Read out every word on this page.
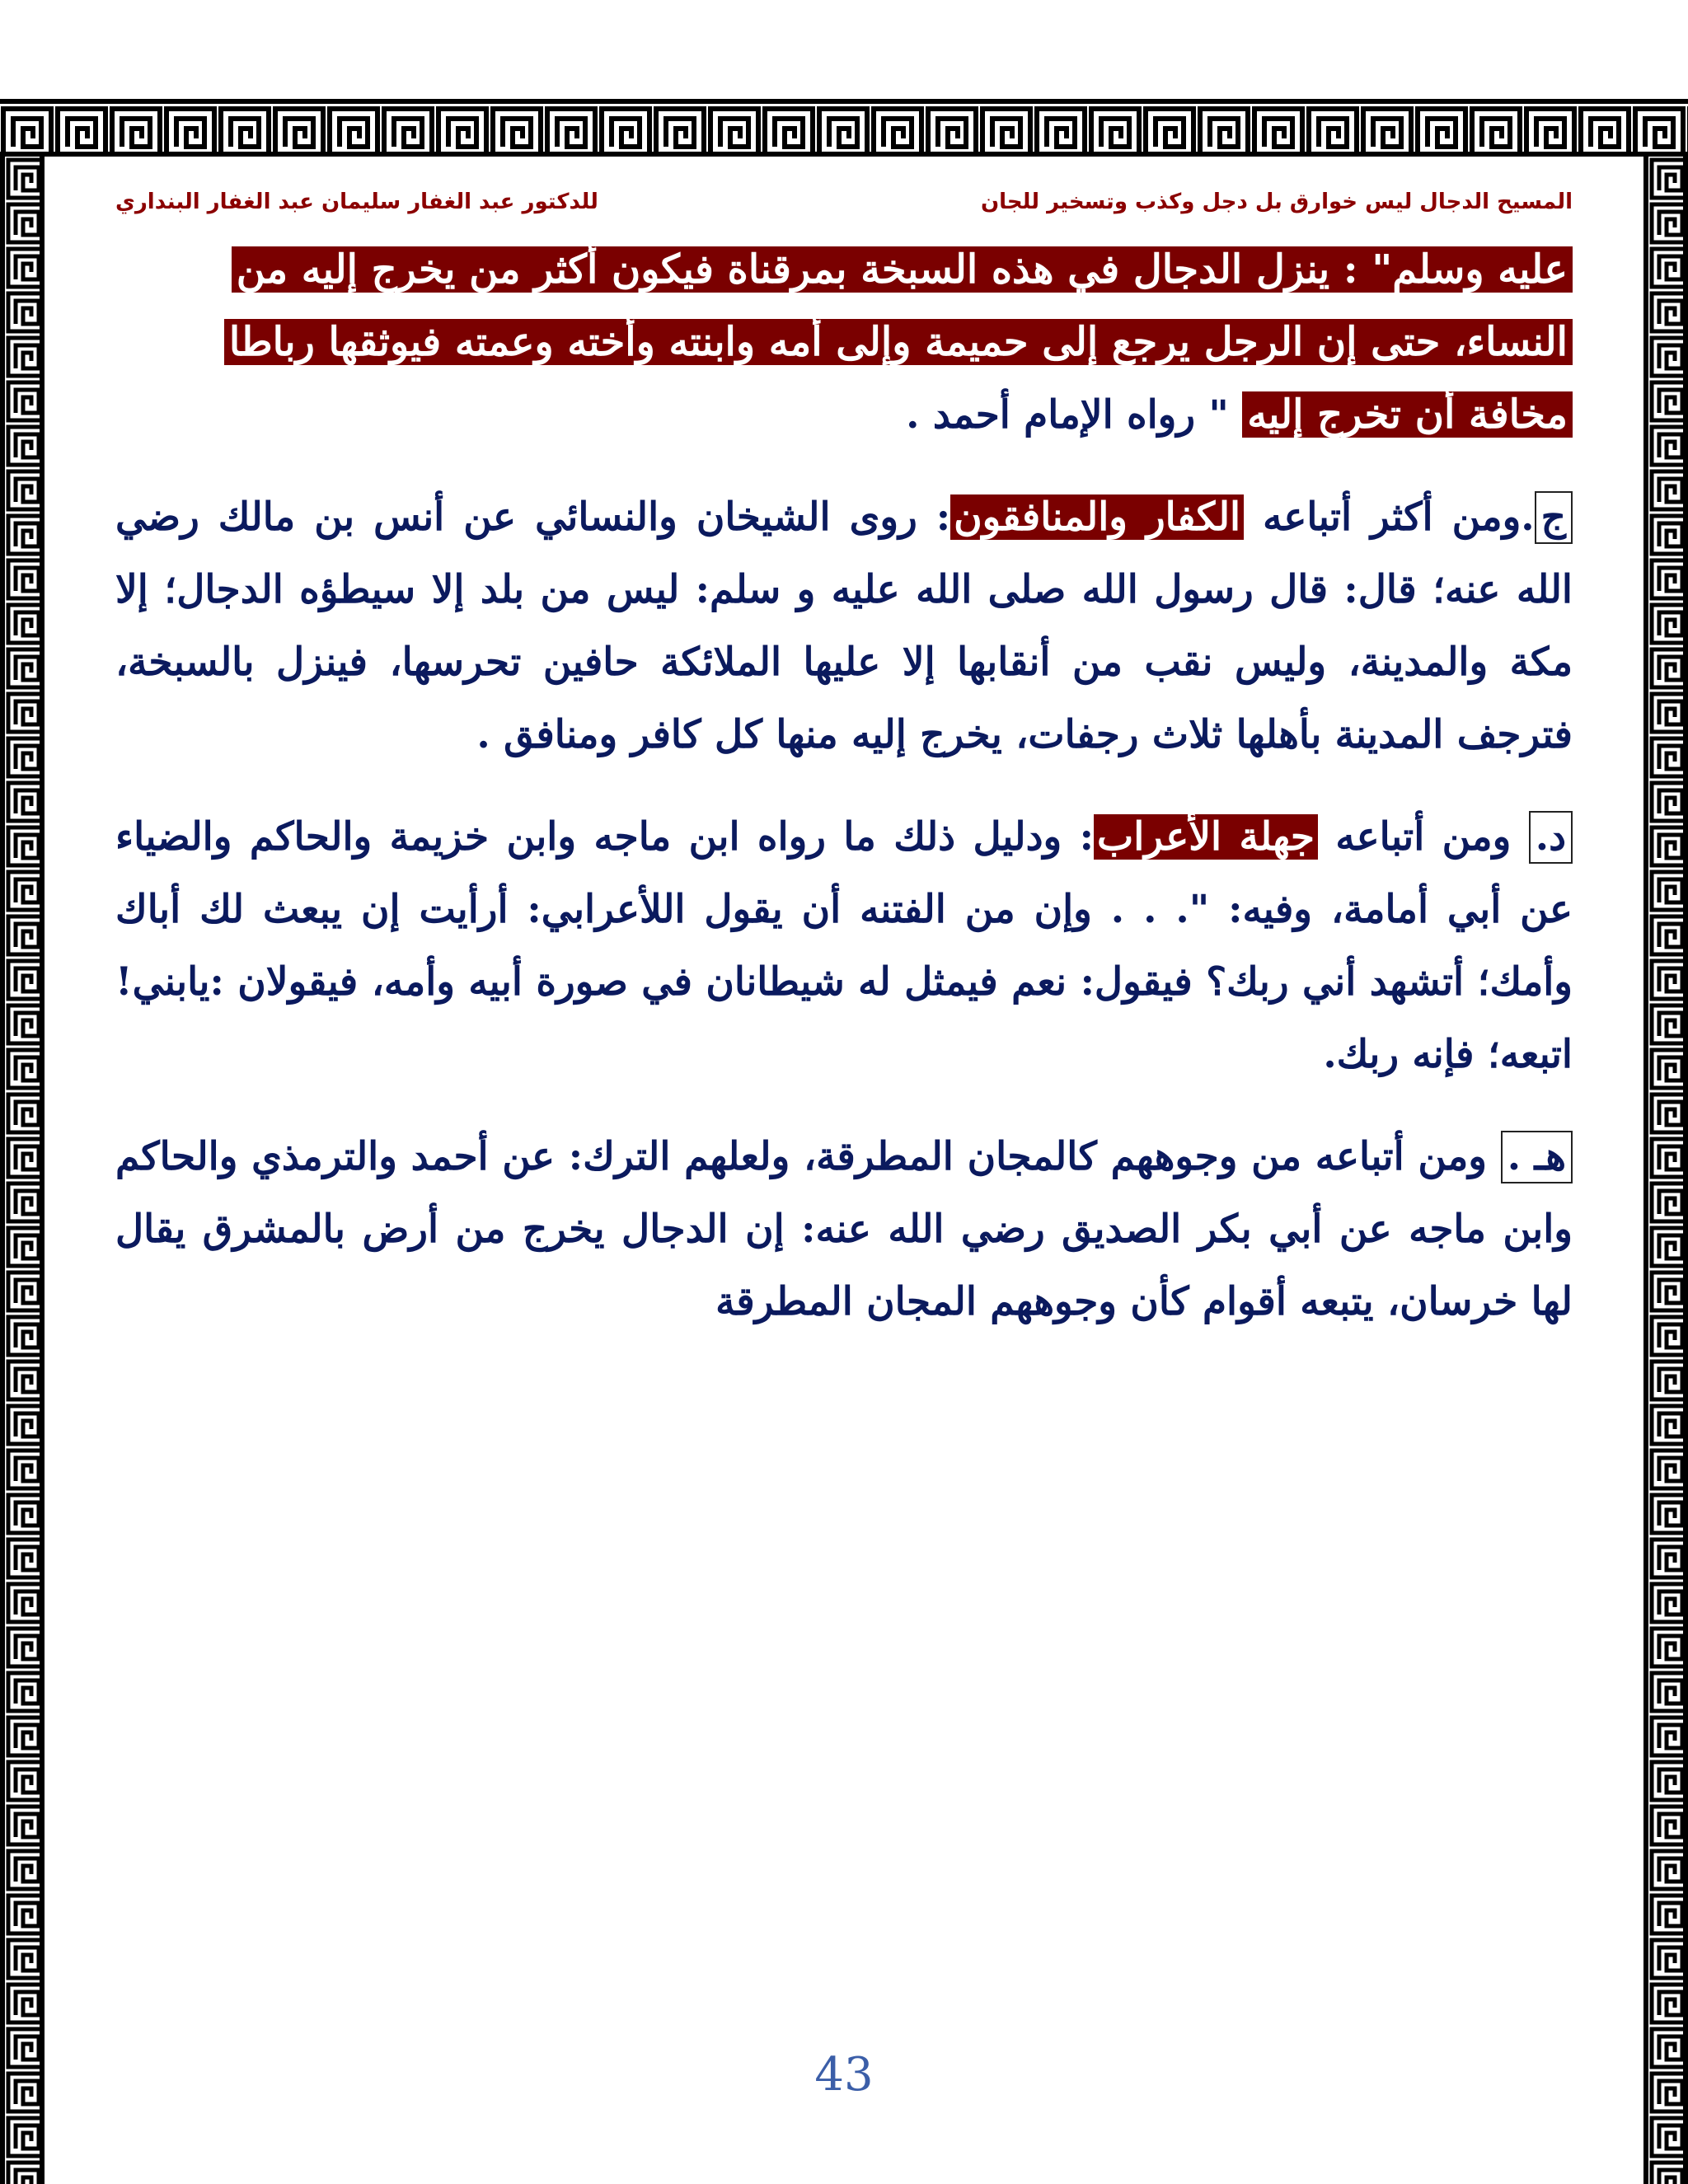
المسيح الدجال ليس خوارق بل دجل وكذب وتسخير للجان
للدكتور عبد الغفار سليمان عبد الغفار البنداري
عليه وسلم" : ينزل الدجال في هذه السبخة بمرقناة فيكون أكثر من يخرج إليه من
النساء، حتى إن الرجل يرجع إلى حميمة وإلى أمه وابنته وأخته وعمته فيوثقها رباطا
مخافة أن تخرج إليه " رواه الإمام أحمد .

ج.ومن أكثر أتباعه الكفار والمنافقون: روى الشيخان والنسائي عن أنس بن مالك رضي الله عنه؛ قال: قال رسول الله صلى الله عليه و سلم: ليس من بلد إلا سيطؤه الدجال؛ إلا مكة والمدينة، وليس نقب من أنقابها إلا عليها الملائكة حافين تحرسها، فينزل بالسبخة، فترجف المدينة بأهلها ثلاث رجفات، يخرج إليه منها كل كافر ومنافق .

د. ومن أتباعه جهلة الأعراب: ودليل ذلك ما رواه ابن ماجه وابن خزيمة والحاكم والضياء عن أبي أمامة، وفيه: ". . . وإن من الفتنه أن يقول اللأعرابي: أرأيت إن يبعث لك أباك وأمك؛ أتشهد أني ربك؟ فيقول: نعم فيمثل له شيطانان في صورة أبيه وأمه، فيقولان :يابني! اتبعه؛ فإنه ربك.

هـ . ومن أتباعه من وجوههم كالمجان المطرقة، ولعلهم الترك: عن أحمد والترمذي والحاكم وابن ماجه عن أبي بكر الصديق رضي الله عنه: إن الدجال يخرج من أرض بالمشرق يقال لها خرسان، يتبعه أقوام كأن وجوههم المجان المطرقة

43
